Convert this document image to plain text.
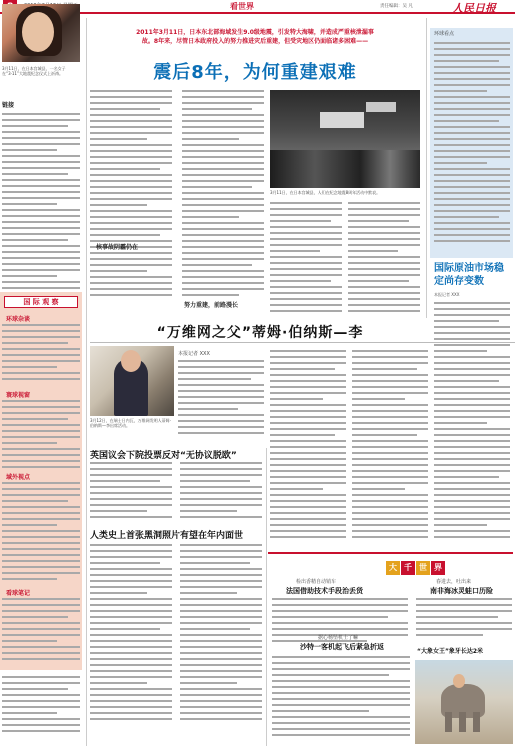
看世界	责任编辑：吴 凡	人民日报
3月11日，在日本宫城县，一名女子在“3·11”大地震纪念仪式上祈祷。
链接
国 际 观 察
环球杂谈
寰球视窗
域外视点
看球笔记
2011年3月11日，日本东北部海域发生9.0级地震，引发特大海啸，并造成严重核泄漏事
故。8年来，尽管日本政府投入的努力推进灾后重建，但受灾地区仍面临诸多困难——
震后8年，为何重建艰难
核事故阴霾仍在
努力重建，前路漫长
3月11日，在日本宫城县，人们在纪念地震8周年活动中默哀。
环球看点
国际原油市场稳定尚存变数
本报记者 XXX
“万维网之父”蒂姆·伯纳斯—李
3月12日，在瑞士日内瓦，万维网发明人蒂姆·伯纳斯—李出席活动。
本报记者 XXX
英国议会下院投票反对“无协议脱欧”
人类史上首张黑洞照片有望在年内面世
大 千 世 界
检出香精自动销车
法国借助技术手段治丢货
春进去，吐出来
南非海冰灵蛙口历险
据心杨坠机士了嘛
沙特一客机起飞后紧急折返
“大象女王”象牙长达2米
